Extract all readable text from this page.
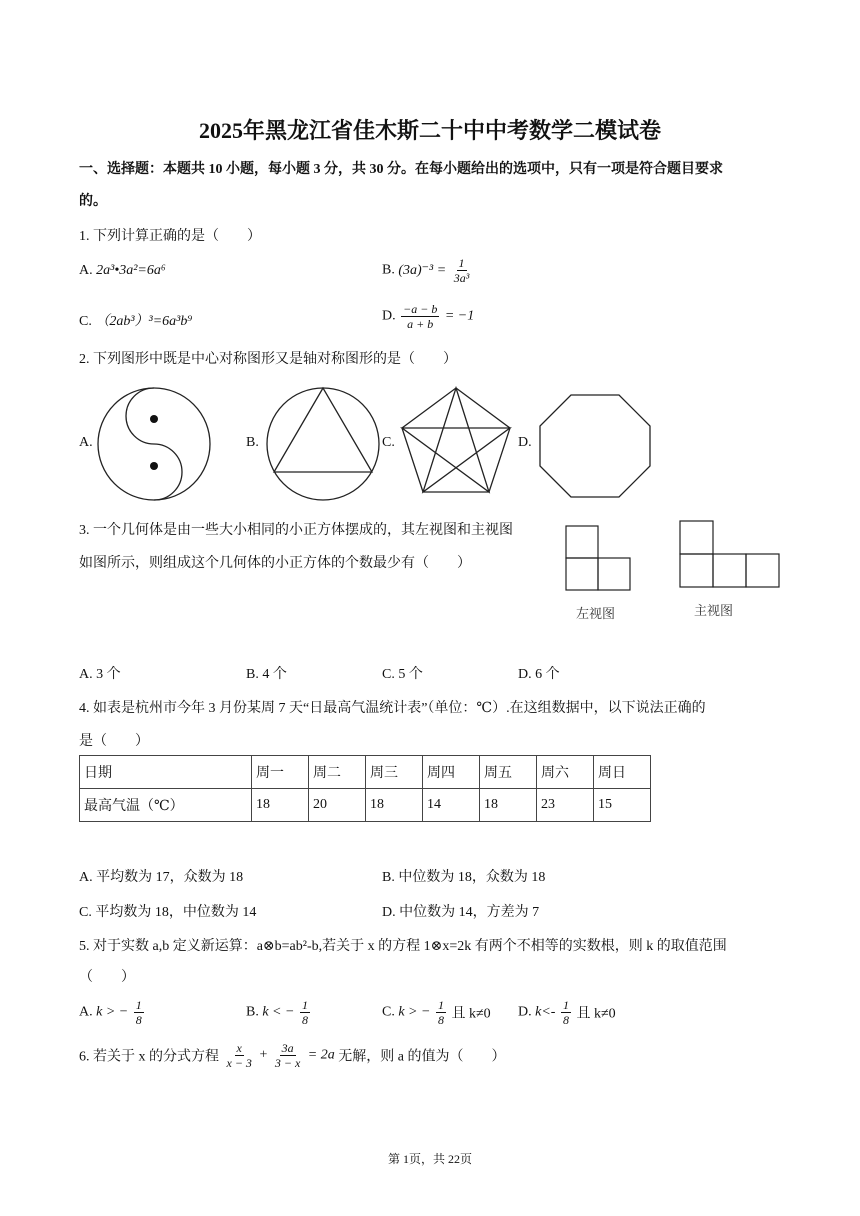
2025年黑龙江省佳木斯二十中中考数学二模试卷
一、选择题：本题共 10 小题，每小题 3 分，共 30 分。在每小题给出的选项中，只有一项是符合题目要求
的。
1. 下列计算正确的是（　　）
A. 2a³•3a²=6a⁶	B. $(3a)^{-3} = \frac{1}{\text{3a³}}$
C. （2ab³）³=6a³b⁹	D. $\frac{-a - b}{a + b} = -1$
2. 下列图形中既是中心对称图形又是轴对称图形的是（　　）
A.	B.	C.	D.
3. 一个几何体是由一些大小相同的小正方体摆成的，其左视图和主视图
如图所示，则组成这个几何体的小正方体的个数最少有（　　）
左视图	主视图
A. 3 个	B. 4 个	C. 5 个	D. 6 个
4. 如表是杭州市今年 3 月份某周 7 天“日最高气温统计表”（单位：℃）.在这组数据中，以下说法正确的
是（　　）
日期	周一	周二	周三	周四	周五	周六	周日
最高气温（℃）	18	20	18	14	18	23	15
A. 平均数为 17，众数为 18	B. 中位数为 18，众数为 18
C. 平均数为 18，中位数为 14	D. 中位数为 14，方差为 7
5. 对于实数 a,b 定义新运算：a⊗b=ab²-b,若关于 x 的方程 1⊗x=2k 有两个不相等的实数根，则 k 的取值范围
（　　）
A. k > − $\frac{1}{8}$	B. k < − $\frac{1}{8}$	C. k > − $\frac{1}{8}$ 且 k≠0 D. $k<- \frac{1}{8}$ 且 k≠0
6. 若关于 x 的分式方程 $\frac{x}{x - 3} + \frac{3a}{3 - x} = 2a$ 无解，则 a 的值为（　　）
第 1页，共 22页
